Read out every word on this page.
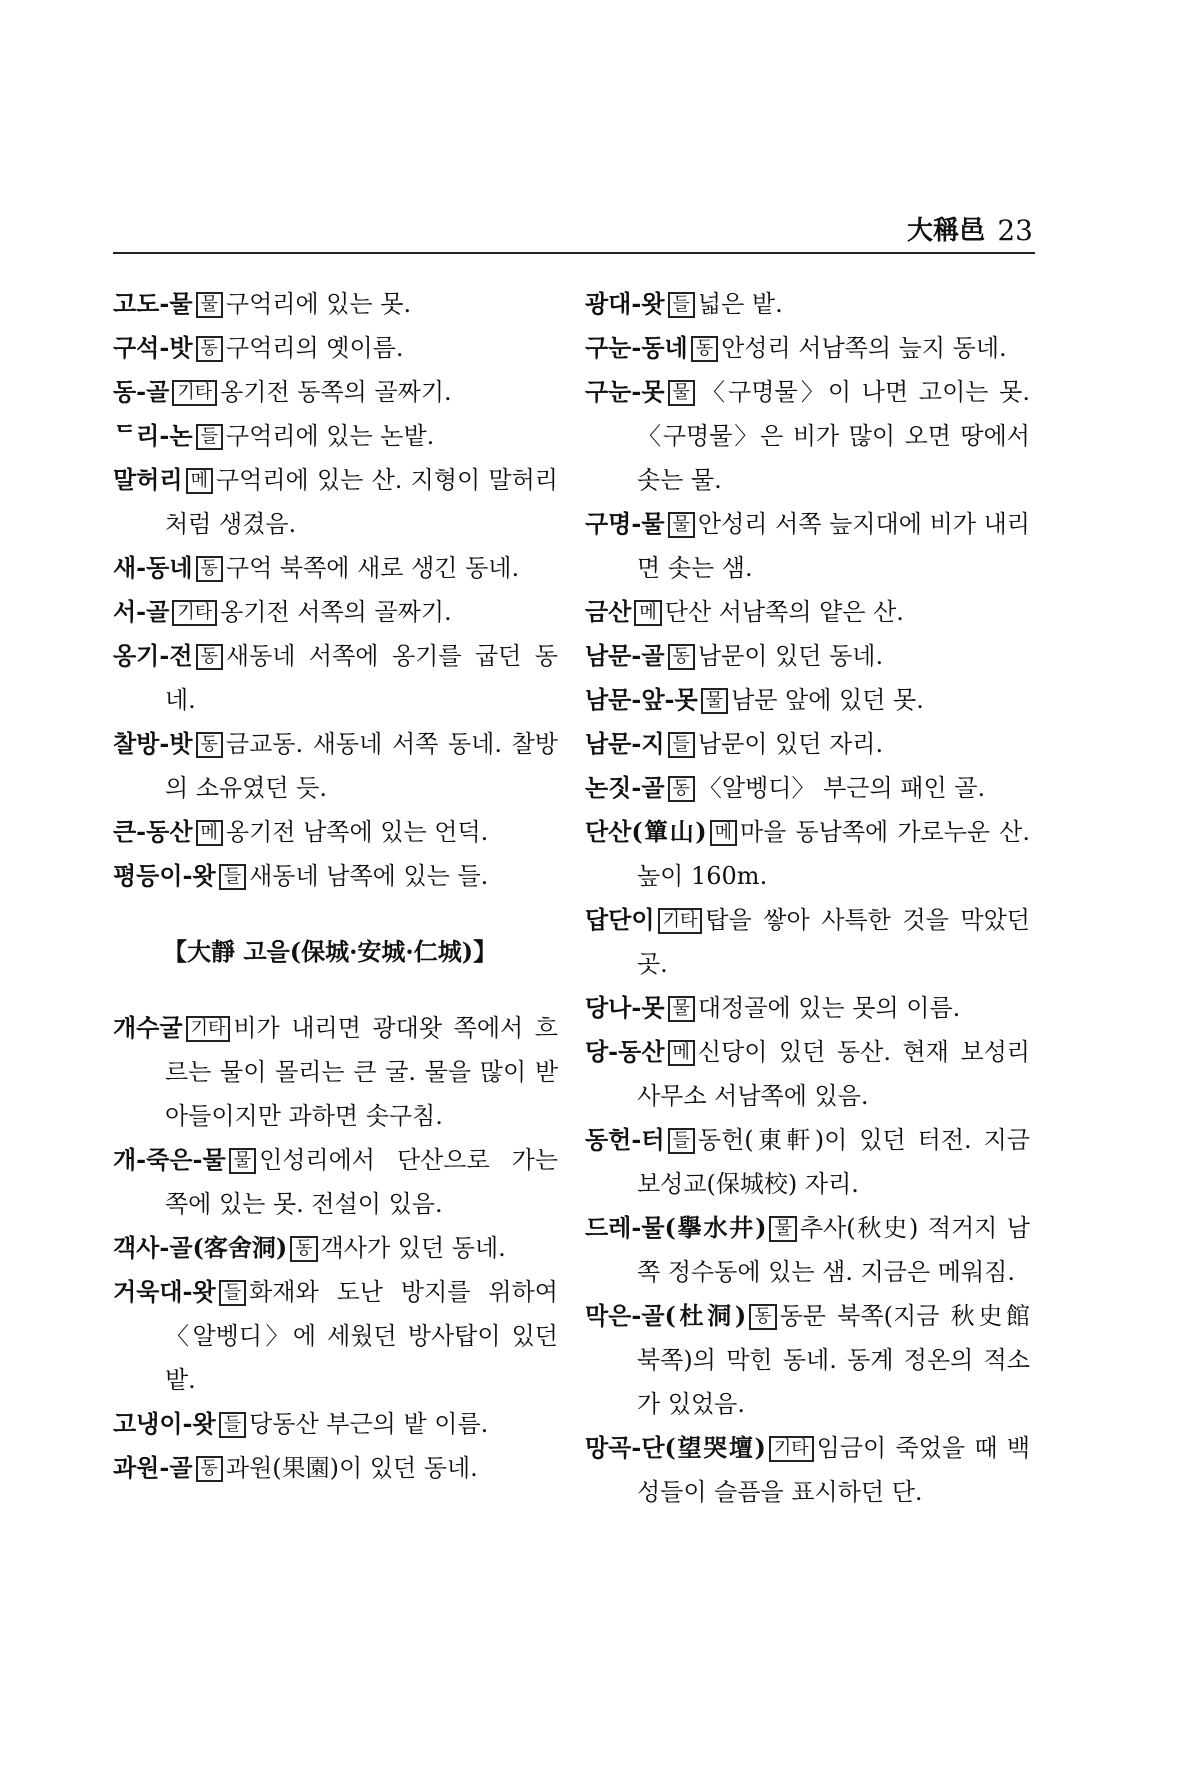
大稱邑 23

고도-물 물 구억리에 있는 못.

구석-밧 동 구억리의 옛이름.

동-골 기타 옹기전 동쪽의 골짜기.

ᄃ리-논 들 구억리에 있는 논밭.

말허리 메 구억리에 있는 산. 지형이 말허리처럼 생겼음.

새-동네 동 구억 북쪽에 새로 생긴 동네.

서-골 기타 옹기전 서쪽의 골짜기.

옹기-전 동 새동네 서쪽에 옹기를 굽던 동네.

찰방-밧 동 금교동. 새동네 서쪽 동네. 찰방의 소유였던 듯.

큰-동산 메 옹기전 남쪽에 있는 언덕.

평등이-왓 들 새동네 남쪽에 있는 들.

【大靜 고을(保城·安城·仁城)】

개수굴 기타 비가 내리면 광대왓 쪽에서 흐르는 물이 몰리는 큰 굴. 물을 많이 받아들이지만 과하면 솟구침.

개-죽은-물 물 인성리에서 단산으로 가는 쪽에 있는 못. 전설이 있음.

객사-골(客舍洞) 동 객사가 있던 동네.

거욱대-왓 들 화재와 도난 방지를 위하여 〈알벵디〉에 세웠던 방사탑이 있던 밭.

고냉이-왓 들 당동산 부근의 밭 이름.

과원-골 동 과원(果園)이 있던 동네.

광대-왓 들 넓은 밭.

구눈-동네 동 안성리 서남쪽의 늪지 동네.

구눈-못 물 〈구명물〉이 나면 고이는 못. 〈구명물〉은 비가 많이 오면 땅에서 솟는 물.

구명-물 물 안성리 서쪽 늪지대에 비가 내리면 솟는 샘.

금산 메 단산 서남쪽의 얕은 산.

남문-골 동 남문이 있던 동네.

남문-앞-못 물 남문 앞에 있던 못.

남문-지 들 남문이 있던 자리.

논짓-골 동 〈알벵디〉 부근의 패인 골.

단산(簞山) 메 마을 동남쪽에 가로누운 산. 높이 160m.

답단이 기타 탑을 쌓아 사특한 것을 막았던 곳.

당나-못 물 대정골에 있는 못의 이름.

당-동산 메 신당이 있던 동산. 현재 보성리 사무소 서남쪽에 있음.

동헌-터 들 동헌(東軒)이 있던 터전. 지금 보성교(保城校) 자리.

드레-물(擧水井) 물 추사(秋史) 적거지 남쪽 정수동에 있는 샘. 지금은 메워짐.

막은-골(杜洞) 동 동문 북쪽(지금 秋史館 북쪽)의 막힌 동네. 동계 정온의 적소가 있었음.

망곡-단(望哭壇) 기타 임금이 죽었을 때 백성들이 슬픔을 표시하던 단.
